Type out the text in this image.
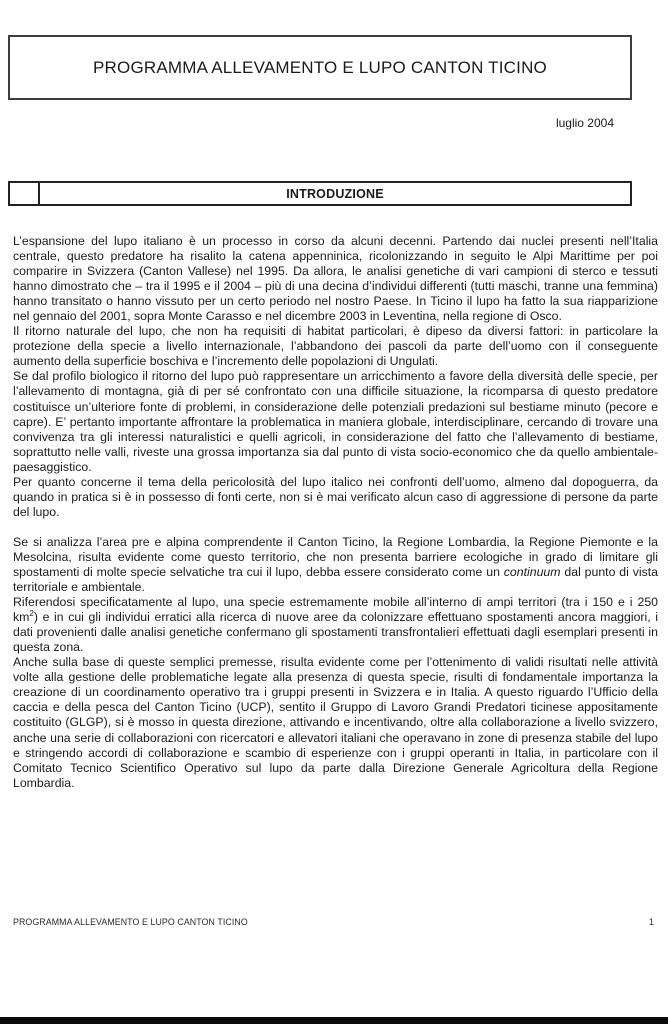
PROGRAMMA ALLEVAMENTO E LUPO CANTON TICINO
luglio 2004
INTRODUZIONE

L’espansione del lupo italiano è un processo in corso da alcuni decenni. Partendo dai nuclei presenti nell’Italia centrale, questo predatore ha risalito la catena appenninica, ricolonizzando in seguito le Alpi Marittime per poi comparire in Svizzera (Canton Vallese) nel 1995. Da allora, le analisi genetiche di vari campioni di sterco e tessuti hanno dimostrato che – tra il 1995 e il 2004 – più di una decina d’individui differenti (tutti maschi, tranne una femmina) hanno transitato o hanno vissuto per un certo periodo nel nostro Paese. In Ticino il lupo ha fatto la sua riapparizione nel gennaio del 2001, sopra Monte Carasso e nel dicembre 2003 in Leventina, nella regione di Osco.

Il ritorno naturale del lupo, che non ha requisiti di habitat particolari, è dipeso da diversi fattori: in particolare la protezione della specie a livello internazionale, l’abbandono dei pascoli da parte dell’uomo con il conseguente aumento della superficie boschiva e l’incremento delle popolazioni di Ungulati.

Se dal profilo biologico il ritorno del lupo può rappresentare un arricchimento a favore della diversità delle specie, per l’allevamento di montagna, già di per sé confrontato con una difficile situazione, la ricomparsa di questo predatore costituisce un’ulteriore fonte di problemi, in considerazione delle potenziali predazioni sul bestiame minuto (pecore e capre). E’ pertanto importante affrontare la problematica in maniera globale, interdisciplinare, cercando di trovare una convivenza tra gli interessi naturalistici e quelli agricoli, in considerazione del fatto che l’allevamento di bestiame, soprattutto nelle valli, riveste una grossa importanza sia dal punto di vista socio-economico che da quello ambientale-paesaggistico.

Per quanto concerne il tema della pericolosità del lupo italico nei confronti dell’uomo, almeno dal dopoguerra, da quando in pratica si è in possesso di fonti certe, non si è mai verificato alcun caso di aggressione di persone da parte del lupo.

Se si analizza l’area pre e alpina comprendente il Canton Ticino, la Regione Lombardia, la Regione Piemonte e la Mesolcina, risulta evidente come questo territorio, che non presenta barriere ecologiche in grado di limitare gli spostamenti di molte specie selvatiche tra cui il lupo, debba essere considerato come un continuum dal punto di vista territoriale e ambientale.

Riferendosi specificatamente al lupo, una specie estremamente mobile all’interno di ampi territori (tra i 150 e i 250 $km^2$) e in cui gli individui erratici alla ricerca di nuove aree da colonizzare effettuano spostamenti ancora maggiori, i dati provenienti dalle analisi genetiche confermano gli spostamenti transfrontalieri effettuati dagli esemplari presenti in questa zona.

Anche sulla base di queste semplici premesse, risulta evidente come per l’ottenimento di validi risultati nelle attività volte alla gestione delle problematiche legate alla presenza di questa specie, risulti di fondamentale importanza la creazione di un coordinamento operativo tra i gruppi presenti in Svizzera e in Italia. A questo riguardo l’Ufficio della caccia e della pesca del Canton Ticino (UCP), sentito il Gruppo di Lavoro Grandi Predatori ticinese appositamente costituito (GLGP), si è mosso in questa direzione, attivando e incentivando, oltre alla collaborazione a livello svizzero, anche una serie di collaborazioni con ricercatori e allevatori italiani che operavano in zone di presenza stabile del lupo e stringendo accordi di collaborazione e scambio di esperienze con i gruppi operanti in Italia, in particolare con il Comitato Tecnico Scientifico Operativo sul lupo da parte dalla Direzione Generale Agricoltura della Regione Lombardia.

PROGRAMMA ALLEVAMENTO E LUPO CANTON TICINO	1
